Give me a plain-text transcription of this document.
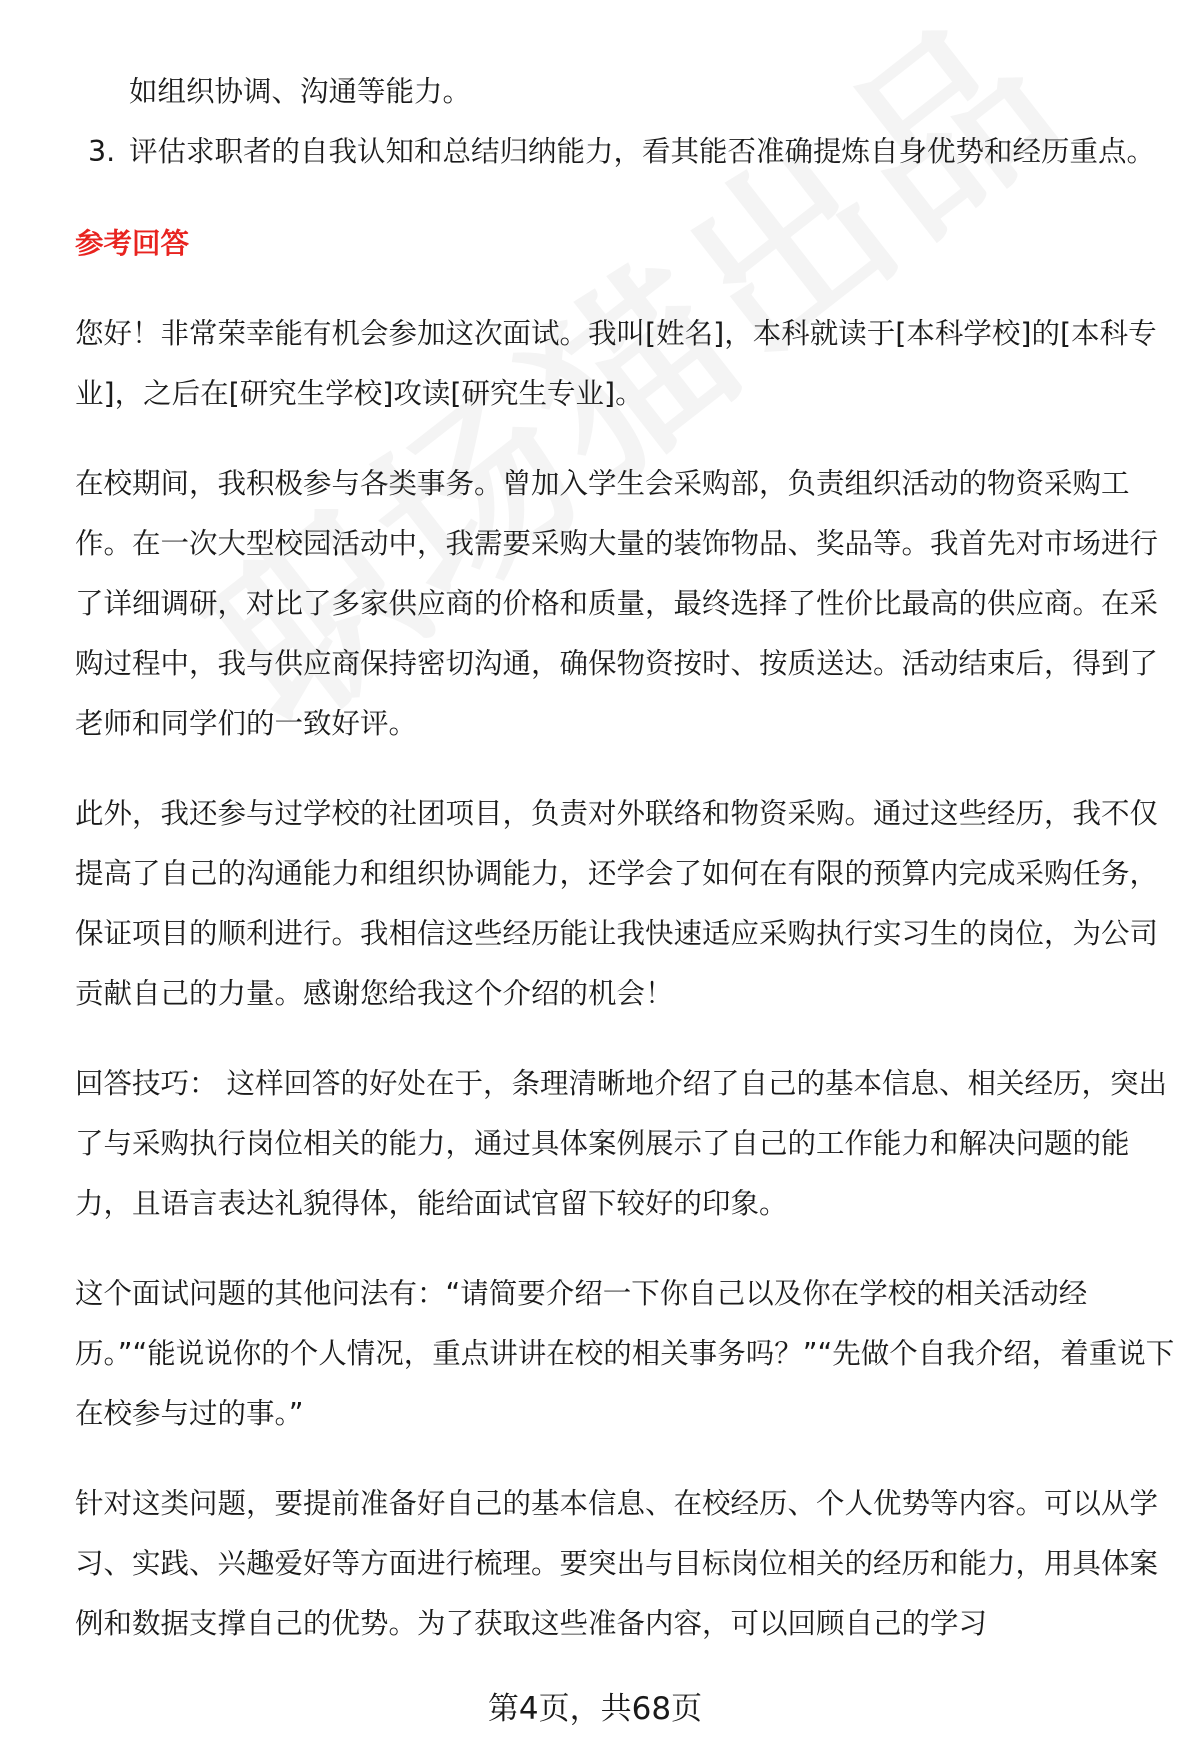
如组织协调、沟通等能力。

3. 评估求职者的自我认知和总结归纳能力，看其能否准确提炼自身优势和经历重点。

参考回答

您好！非常荣幸能有机会参加这次面试。我叫[姓名]，本科就读于[本科学校]的[本科专业]，之后在[研究生学校]攻读[研究生专业]。

在校期间，我积极参与各类事务。曾加入学生会采购部，负责组织活动的物资采购工作。在一次大型校园活动中，我需要采购大量的装饰物品、奖品等。我首先对市场进行了详细调研，对比了多家供应商的价格和质量，最终选择了性价比最高的供应商。在采购过程中，我与供应商保持密切沟通，确保物资按时、按质送达。活动结束后，得到了老师和同学们的一致好评。

此外，我还参与过学校的社团项目，负责对外联络和物资采购。通过这些经历，我不仅提高了自己的沟通能力和组织协调能力，还学会了如何在有限的预算内完成采购任务，保证项目的顺利进行。我相信这些经历能让我快速适应采购执行实习生的岗位，为公司贡献自己的力量。感谢您给我这个介绍的机会！

回答技巧： 这样回答的好处在于，条理清晰地介绍了自己的基本信息、相关经历，突出了与采购执行岗位相关的能力，通过具体案例展示了自己的工作能力和解决问题的能力，且语言表达礼貌得体，能给面试官留下较好的印象。

这个面试问题的其他问法有：“请简要介绍一下你自己以及你在学校的相关活动经历。”“能说说你的个人情况，重点讲讲在校的相关事务吗？”“先做个自我介绍，着重说下在校参与过的事。”

针对这类问题，要提前准备好自己的基本信息、在校经历、个人优势等内容。可以从学习、实践、兴趣爱好等方面进行梳理。要突出与目标岗位相关的经历和能力，用具体案例和数据支撑自己的优势。为了获取这些准备内容，可以回顾自己的学习

第4页，共68页
